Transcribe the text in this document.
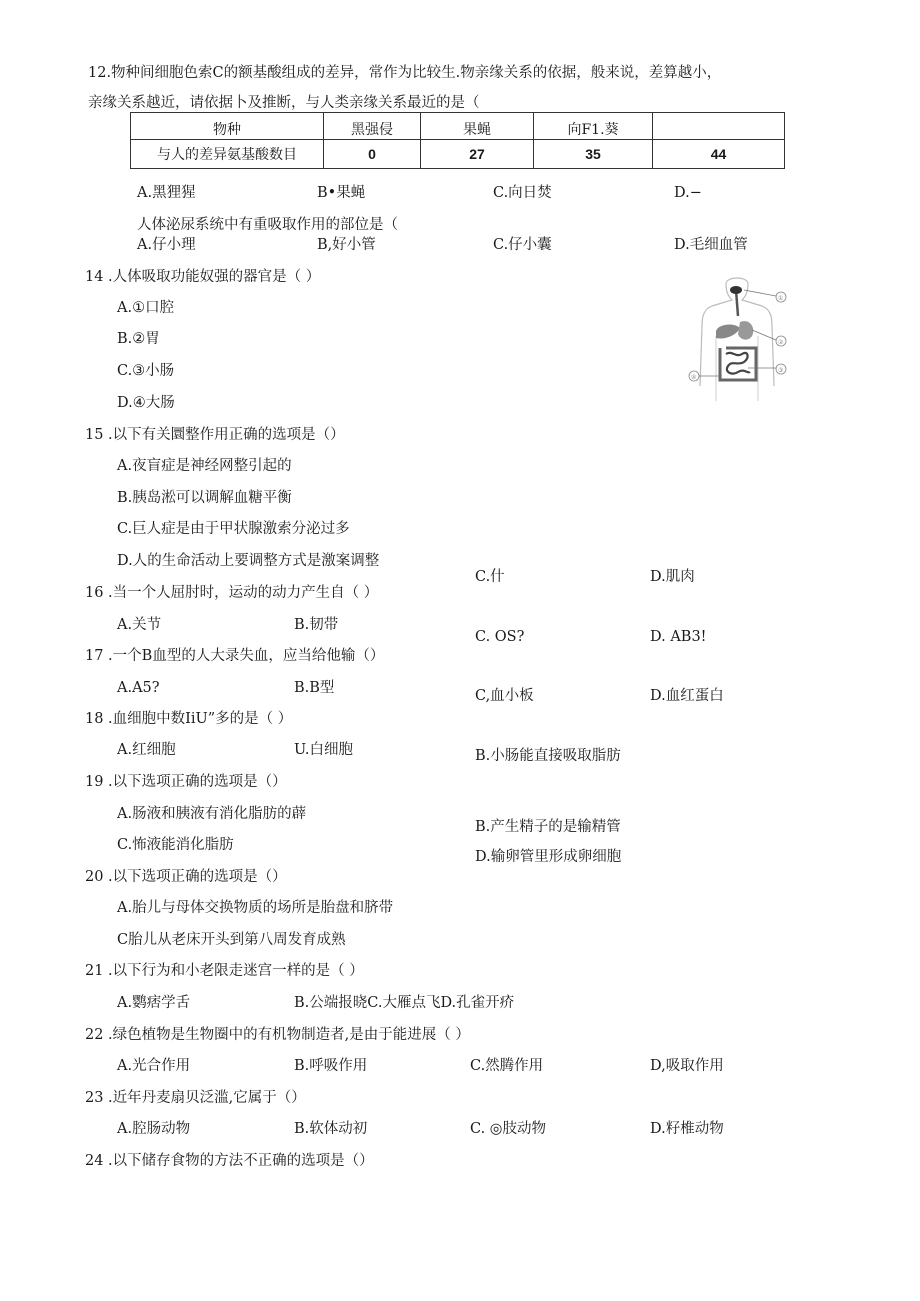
12.物种间细胞色索C的额基酸组成的差异，常作为比较生.物亲缘关系的依据，般来说，差算越小，
亲缘关系越近，请依据卜及推断，与人类亲缘关系最近的是（
物种	黑强侵	果蝇	向F1.葵	
与人的差异氨基酸数目	0	27	35	44
A.黑狸猩	B•果蝇	C.向日焚	D.−
人体泌尿系统中有重吸取作用的部位是（
A.仔小理	B,好小管	C.仔小囊	D.毛细血管
14 .人体吸取功能奴强的器官是（ ）
A.①口腔
B.②胃
C.③小肠
D.④大肠
①
②
③
④
15 .以下有关圜整作用正确的选项是（）
A.夜盲症是神经网整引起的
B.胰岛淞可以调解血糖平衡
C.巨人症是由于甲状腺激索分泌过多
D.人的生命活动上要调整方式是激案调整
16 .当一个人屈肘时，运动的动力产生自（ ）
A.关节	B.韧带
C.什	D.肌肉
17 .一个B血型的人大录失血，应当给他输（）
A.A5?	B.B型
C. OS?	D. AB3!
18 .血细胞中数IiU”多的是（ ）
A.红细胞	U.白细胞
C,血小板	D.血红蛋白
19 .以下选项正确的选项是（）
A.肠液和胰液有消化脂肪的薜
B.小肠能直接吸取脂肪
C.怖液能消化脂肪
B.产生精子的是输精管
D.输卵管里形成卵细胞
20 .以下选项正确的选项是（）
A.胎儿与母体交换物质的场所是胎盘和脐带
C胎儿从老床开头到第八周发育成熟
21 .以下行为和小老限走迷宫一样的是（ ）
A.鹦痞学舌	B.公端报晓C.大雁点飞D.孔雀开疥
22 .绿色植物是生物圈中的有机物制造者,是由于能进展（ ）
A.光合作用	B.呼吸作用	C.然腾作用	D,吸取作用
23 .近年丹麦扇贝泛滥,它属于（）
A.腔肠动物	B.软体动初	C. ◎肢动物	D.籽椎动物
24 .以下储存食物的方法不正确的选项是（）
